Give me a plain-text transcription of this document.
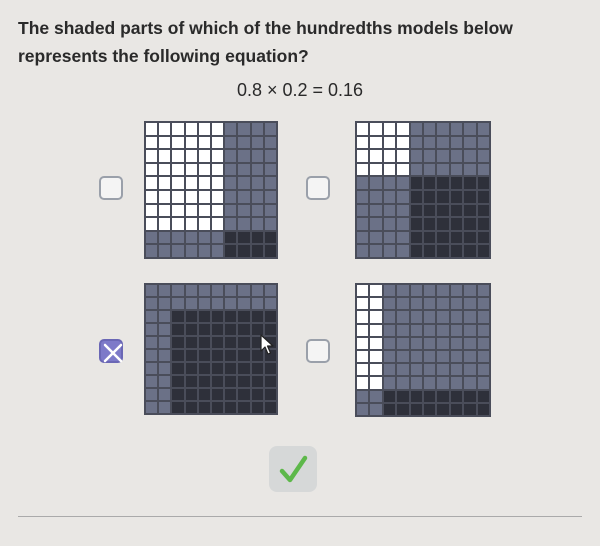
The shaded parts of which of the hundredths models below represents the following equation?
0.8 × 0.2 = 0.16
